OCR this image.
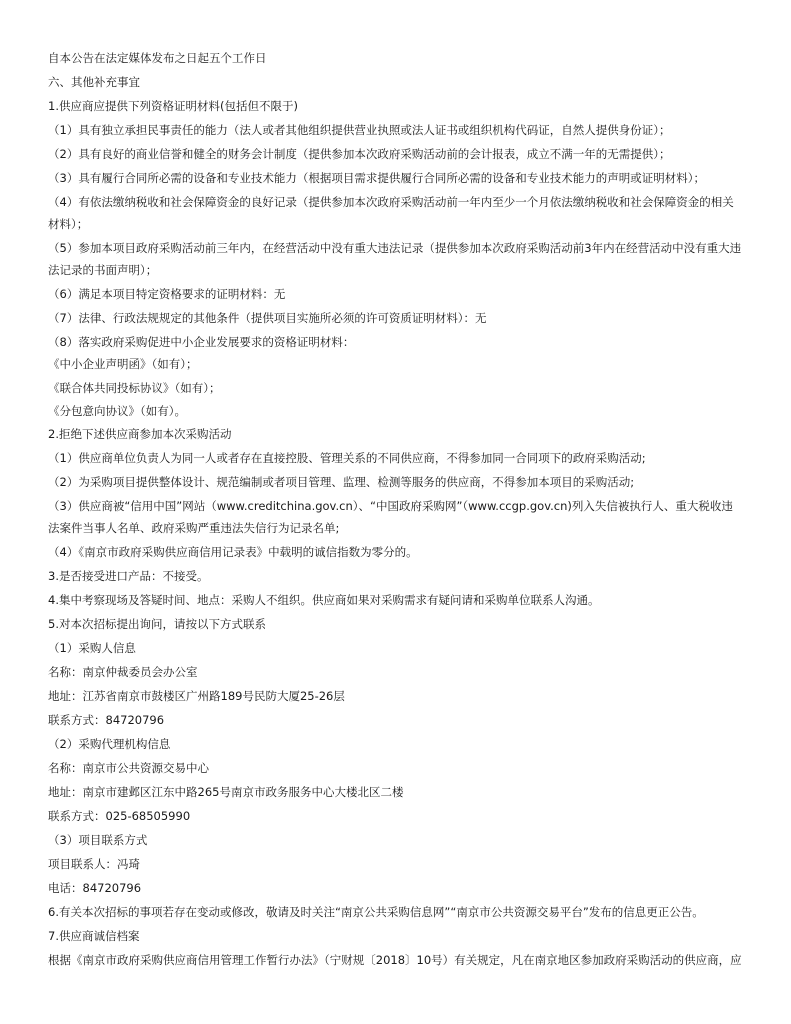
自本公告在法定媒体发布之日起五个工作日
六、其他补充事宜
1.供应商应提供下列资格证明材料(包括但不限于)
（1）具有独立承担民事责任的能力（法人或者其他组织提供营业执照或法人证书或组织机构代码证，自然人提供身份证）；
（2）具有良好的商业信誉和健全的财务会计制度（提供参加本次政府采购活动前的会计报表，成立不满一年的无需提供）；
（3）具有履行合同所必需的设备和专业技术能力（根据项目需求提供履行合同所必需的设备和专业技术能力的声明或证明材料）；
（4）有依法缴纳税收和社会保障资金的良好记录（提供参加本次政府采购活动前一年内至少一个月依法缴纳税收和社会保障资金的相关
材料）；
（5）参加本项目政府采购活动前三年内，在经营活动中没有重大违法记录（提供参加本次政府采购活动前3年内在经营活动中没有重大违
法记录的书面声明）；
（6）满足本项目特定资格要求的证明材料：无
（7）法律、行政法规规定的其他条件（提供项目实施所必须的许可资质证明材料）：无
（8）落实政府采购促进中小企业发展要求的资格证明材料：
《中小企业声明函》（如有）；
《联合体共同投标协议》（如有）；
《分包意向协议》（如有）。
2.拒绝下述供应商参加本次采购活动
（1）供应商单位负责人为同一人或者存在直接控股、管理关系的不同供应商，不得参加同一合同项下的政府采购活动;
（2）为采购项目提供整体设计、规范编制或者项目管理、监理、检测等服务的供应商，不得参加本项目的采购活动;
（3）供应商被“信用中国”网站（www.creditchina.gov.cn）、“中国政府采购网”（www.ccgp.gov.cn)列入失信被执行人、重大税收违
法案件当事人名单、政府采购严重违法失信行为记录名单;
（4）《南京市政府采购供应商信用记录表》中载明的诚信指数为零分的。
3.是否接受进口产品：不接受。
4.集中考察现场及答疑时间、地点：采购人不组织。供应商如果对采购需求有疑问请和采购单位联系人沟通。
5.对本次招标提出询问，请按以下方式联系
（1）采购人信息
名称：南京仲裁委员会办公室
地址：江苏省南京市鼓楼区广州路189号民防大厦25-26层
联系方式：84720796
（2）采购代理机构信息
名称：南京市公共资源交易中心
地址：南京市建邺区江东中路265号南京市政务服务中心大楼北区二楼
联系方式：025-68505990
（3）项目联系方式
项目联系人：冯琦
电话：84720796
6.有关本次招标的事项若存在变动或修改，敬请及时关注“南京公共采购信息网”“南京市公共资源交易平台”发布的信息更正公告。
7.供应商诚信档案
根据《南京市政府采购供应商信用管理工作暂行办法》（宁财规〔2018〕10号）有关规定，凡在南京地区参加政府采购活动的供应商，应
